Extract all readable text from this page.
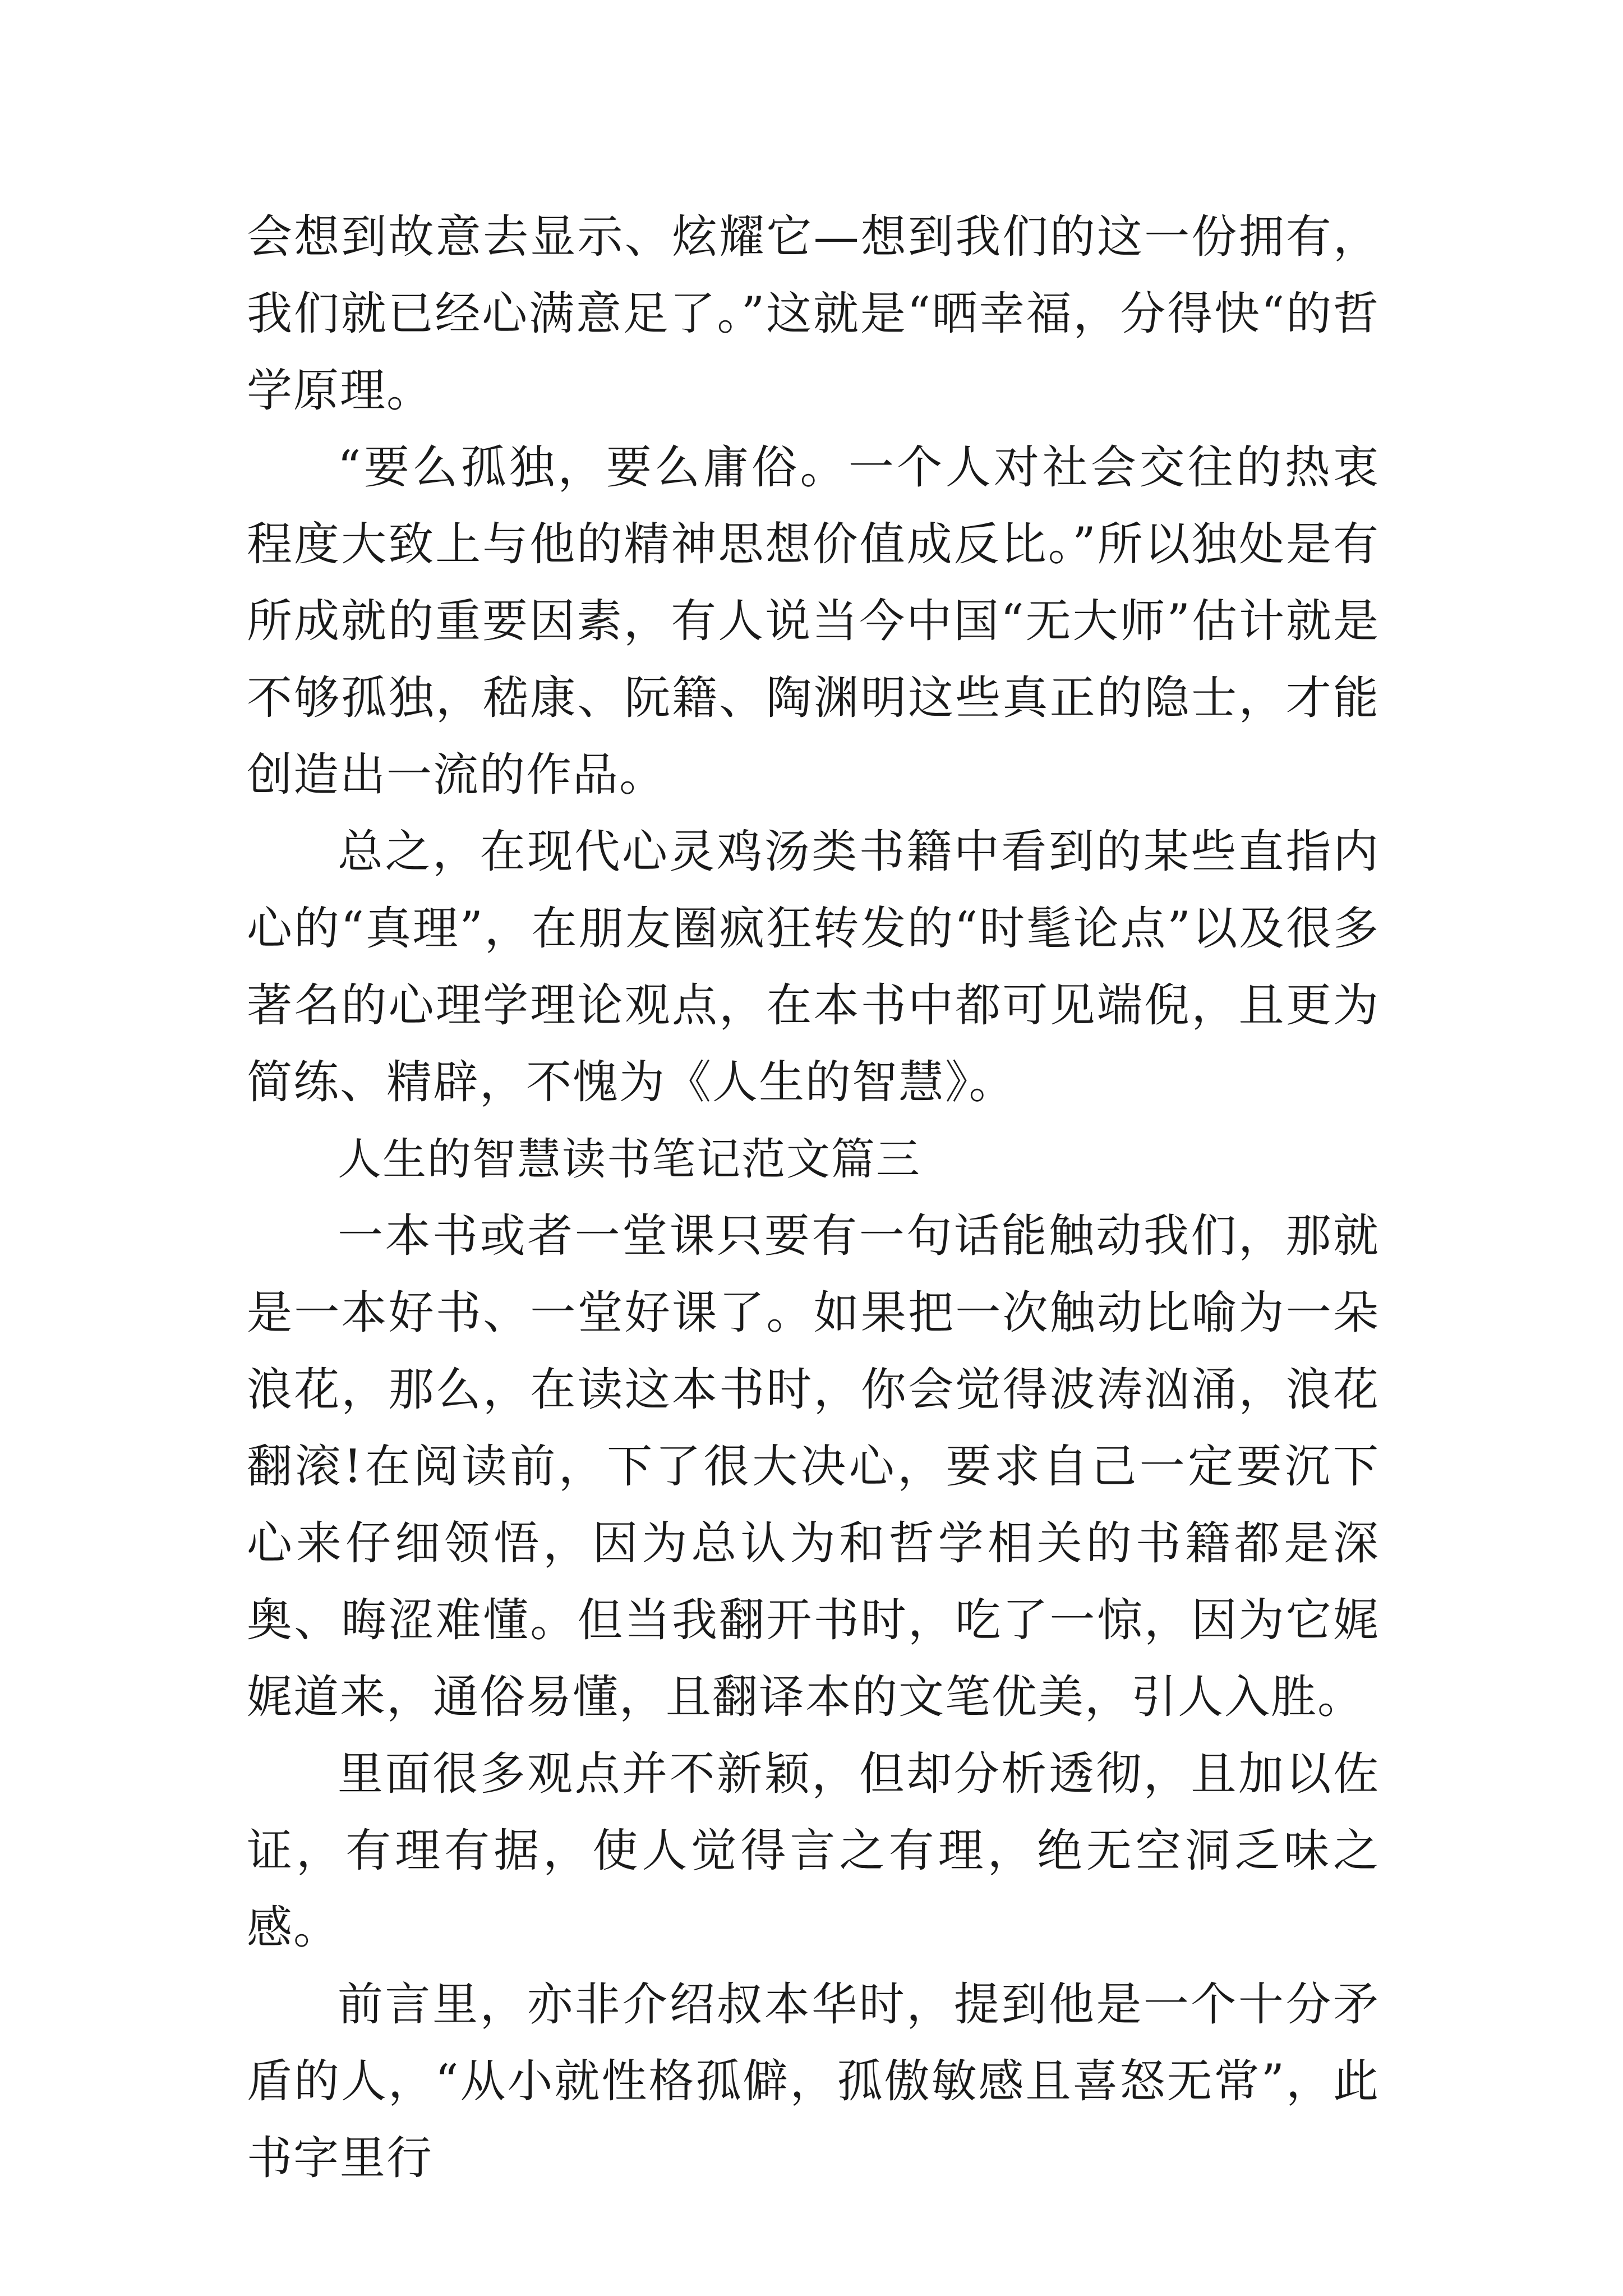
会想到故意去显示、炫耀它—想到我们的这一份拥有，我们就已经心满意足了。”这就是“晒幸福，分得快“的哲学原理。

“要么孤独，要么庸俗。一个人对社会交往的热衷程度大致上与他的精神思想价值成反比。”所以独处是有所成就的重要因素，有人说当今中国“无大师”估计就是不够孤独，嵇康、阮籍、陶渊明这些真正的隐士，才能创造出一流的作品。

总之，在现代心灵鸡汤类书籍中看到的某些直指内心的“真理”，在朋友圈疯狂转发的“时髦论点”以及很多著名的心理学理论观点，在本书中都可见端倪，且更为简练、精辟，不愧为《人生的智慧》。

人生的智慧读书笔记范文篇三

一本书或者一堂课只要有一句话能触动我们，那就是一本好书、一堂好课了。如果把一次触动比喻为一朵浪花，那么，在读这本书时，你会觉得波涛汹涌，浪花翻滚!在阅读前，下了很大决心，要求自己一定要沉下心来仔细领悟，因为总认为和哲学相关的书籍都是深奥、晦涩难懂。但当我翻开书时，吃了一惊，因为它娓娓道来，通俗易懂，且翻译本的文笔优美，引人入胜。

里面很多观点并不新颖，但却分析透彻，且加以佐证，有理有据，使人觉得言之有理，绝无空洞乏味之感。

前言里，亦非介绍叔本华时，提到他是一个十分矛盾的人，“从小就性格孤僻，孤傲敏感且喜怒无常”，此书字里行
